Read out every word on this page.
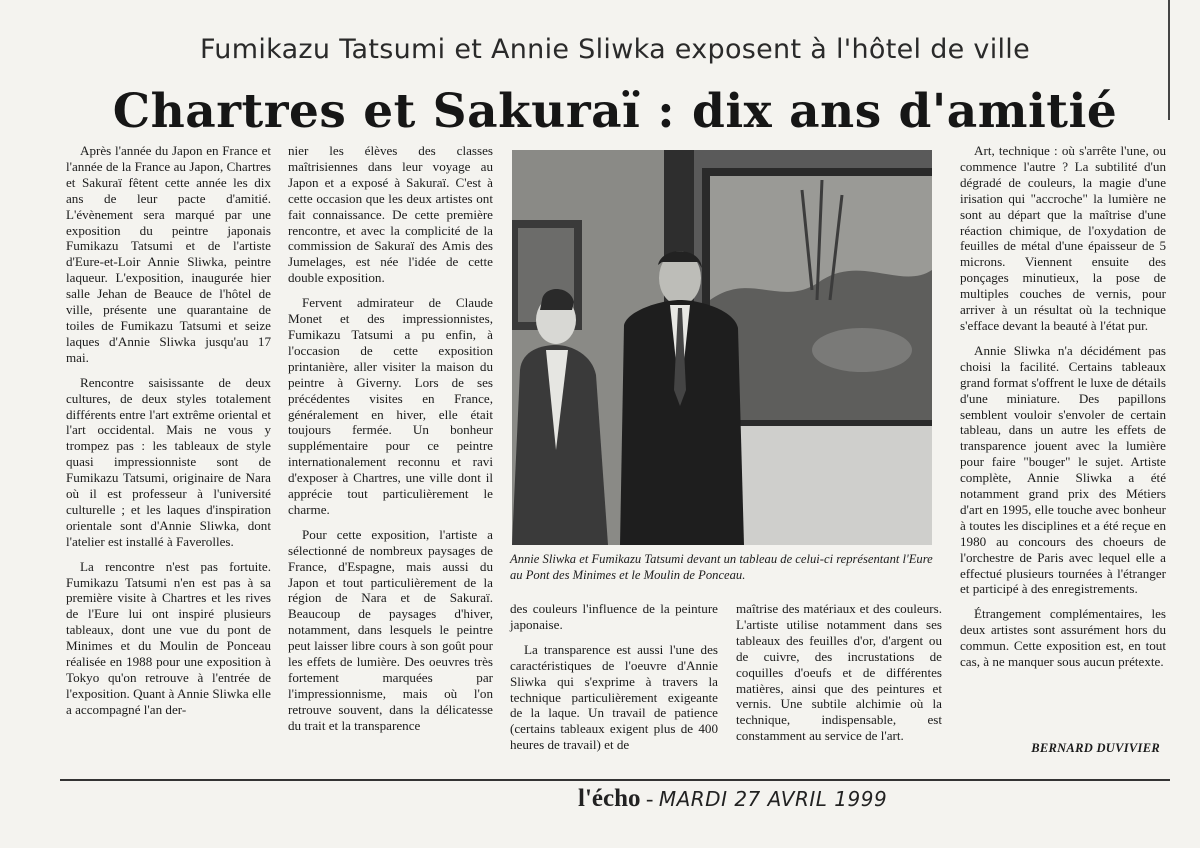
Fumikazu Tatsumi et Annie Sliwka exposent à l'hôtel de ville
Chartres et Sakuraï : dix ans d'amitié

Après l'année du Japon en France et l'année de la France au Japon, Chartres et Sakuraï fêtent cette année les dix ans de leur pacte d'amitié. L'évènement sera marqué par une exposition du peintre japonais Fumikazu Tatsumi et de l'artiste d'Eure-et-Loir Annie Sliwka, peintre laqueur. L'exposition, inaugurée hier salle Jehan de Beauce de l'hôtel de ville, présente une quarantaine de toiles de Fumikazu Tatsumi et seize laques d'Annie Sliwka jusqu'au 17 mai.

Rencontre saisissante de deux cultures, de deux styles totalement différents entre l'art extrême oriental et l'art occidental. Mais ne vous y trompez pas : les tableaux de style quasi impressionniste sont de Fumikazu Tatsumi, originaire de Nara où il est professeur à l'université culturelle ; et les laques d'inspiration orientale sont d'Annie Sliwka, dont l'atelier est installé à Faverolles.

La rencontre n'est pas fortuite. Fumikazu Tatsumi n'en est pas à sa première visite à Chartres et les rives de l'Eure lui ont inspiré plusieurs tableaux, dont une vue du pont de Minimes et du Moulin de Ponceau réalisée en 1988 pour une exposition à Tokyo qu'on retrouve à l'entrée de l'exposition. Quant à Annie Sliwka elle a accompagné l'an der-

nier les élèves des classes maîtrisiennes dans leur voyage au Japon et a exposé à Sakuraï. C'est à cette occasion que les deux artistes ont fait connaissance. De cette première rencontre, et avec la complicité de la commission de Sakuraï des Amis des Jumelages, est née l'idée de cette double exposition.

Fervent admirateur de Claude Monet et des impressionnistes, Fumikazu Tatsumi a pu enfin, à l'occasion de cette exposition printanière, aller visiter la maison du peintre à Giverny. Lors de ses précédentes visites en France, généralement en hiver, elle était toujours fermée. Un bonheur supplémentaire pour ce peintre internationalement reconnu et ravi d'exposer à Chartres, une ville dont il apprécie tout particulièrement le charme.

Pour cette exposition, l'artiste a sélectionné de nombreux paysages de France, d'Espagne, mais aussi du Japon et tout particulièrement de la région de Nara et de Sakuraï. Beaucoup de paysages d'hiver, notamment, dans lesquels le peintre peut laisser libre cours à son goût pour les effets de lumière. Des oeuvres très fortement marquées par l'impressionnisme, mais où l'on retrouve souvent, dans la délicatesse du trait et la transparence

Annie Sliwka et Fumikazu Tatsumi devant un tableau de celui-ci représentant l'Eure au Pont des Minimes et le Moulin de Ponceau.

des couleurs l'influence de la peinture japonaise.

La transparence est aussi l'une des caractéristiques de l'oeuvre d'Annie Sliwka qui s'exprime à travers la technique particulièrement exigeante de la laque. Un travail de patience (certains tableaux exigent plus de 400 heures de travail) et de

maîtrise des matériaux et des couleurs. L'artiste utilise notamment dans ses tableaux des feuilles d'or, d'argent ou de cuivre, des incrustations de coquilles d'oeufs et de différentes matières, ainsi que des peintures et vernis. Une subtile alchimie où la technique, indispensable, est constamment au service de l'art.

Art, technique : où s'arrête l'une, ou commence l'autre ? La subtilité d'un dégradé de couleurs, la magie d'une irisation qui "accroche" la lumière ne sont au départ que la maîtrise d'une réaction chimique, de l'oxydation de feuilles de métal d'une épaisseur de 5 microns. Viennent ensuite des ponçages minutieux, la pose de multiples couches de vernis, pour arriver à un résultat où la technique s'efface devant la beauté à l'état pur.

Annie Sliwka n'a décidément pas choisi la facilité. Certains tableaux grand format s'offrent le luxe de détails d'une miniature. Des papillons semblent vouloir s'envoler de certain tableau, dans un autre les effets de transparence jouent avec la lumière pour faire "bouger" le sujet. Artiste complète, Annie Sliwka a été notamment grand prix des Métiers d'art en 1995, elle touche avec bonheur à toutes les disciplines et a été reçue en 1980 au concours des choeurs de l'orchestre de Paris avec lequel elle a effectué plusieurs tournées à l'étranger et participé à des enregistrements.

Étrangement complémentaires, les deux artistes sont assurément hors du commun. Cette exposition est, en tout cas, à ne manquer sous aucun prétexte.

BERNARD DUVIVIER
l'écho - MARDI 27 AVRIL 1999
